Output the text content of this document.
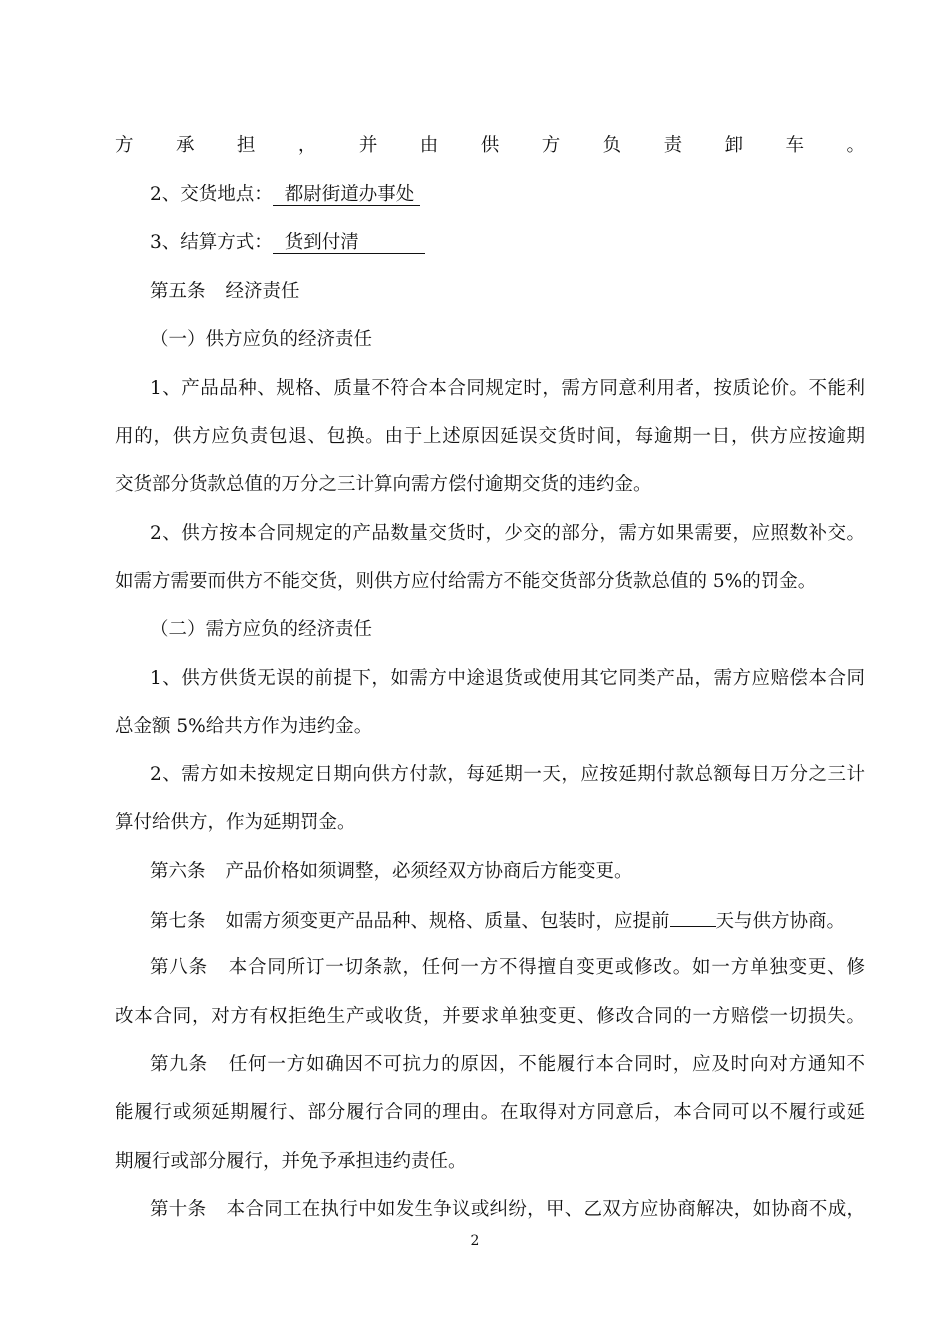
方承担，并由供方负责卸车。
2、交货地点： 都尉街道办事处
3、结算方式： 货到付清
第五条 经济责任
（一）供方应负的经济责任
1、产品品种、规格、质量不符合本合同规定时，需方同意利用者，按质论价。不能利
用的，供方应负责包退、包换。由于上述原因延误交货时间，每逾期一日，供方应按逾期
交货部分货款总值的万分之三计算向需方偿付逾期交货的违约金。
2、供方按本合同规定的产品数量交货时，少交的部分，需方如果需要，应照数补交。
如需方需要而供方不能交货，则供方应付给需方不能交货部分货款总值的 5%的罚金。
（二）需方应负的经济责任
1、供方供货无误的前提下，如需方中途退货或使用其它同类产品，需方应赔偿本合同
总金额 5%给共方作为违约金。
2、需方如未按规定日期向供方付款，每延期一天，应按延期付款总额每日万分之三计
算付给供方，作为延期罚金。
第六条 产品价格如须调整，必须经双方协商后方能变更。
第七条 如需方须变更产品品种、规格、质量、包装时，应提前 天与供方协商。
第八条 本合同所订一切条款，任何一方不得擅自变更或修改。如一方单独变更、修
改本合同，对方有权拒绝生产或收货，并要求单独变更、修改合同的一方赔偿一切损失。
第九条 任何一方如确因不可抗力的原因，不能履行本合同时，应及时向对方通知不
能履行或须延期履行、部分履行合同的理由。在取得对方同意后，本合同可以不履行或延
期履行或部分履行，并免予承担违约责任。
第十条 本合同工在执行中如发生争议或纠纷，甲、乙双方应协商解决，如协商不成，
2
